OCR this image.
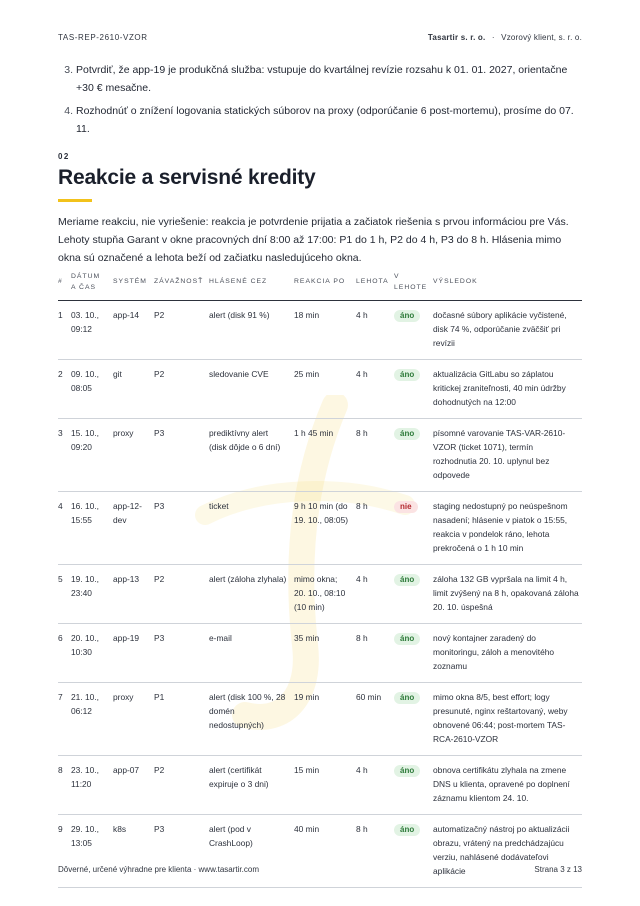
TAS-REP-2610-VZOR	Tasartir s. r. o. · Vzorový klient, s. r. o.
3. Potvrdiť, že app-19 je produkčná služba: vstupuje do kvartálnej revízie rozsahu k 01. 01. 2027, orientačne +30 € mesačne.
4. Rozhodnúť o znížení logovania statických súborov na proxy (odporúčanie 6 post-mortemu), prosíme do 07. 11.
02
Reakcie a servisné kredity

Meriame reakciu, nie vyriešenie: reakcia je potvrdenie prijatia a začiatok riešenia s prvou informáciou pre Vás. Lehoty stupňa Garant v okne pracovných dní 8:00 až 17:00: P1 do 1 h, P2 do 4 h, P3 do 8 h. Hlásenia mimo okna sú označené a lehota beží od začiatku nasledujúceho okna.

#	DÁTUM A ČAS	SYSTÉM	ZÁVAŽNOSŤ	HLÁSENÉ CEZ	REAKCIA PO	LEHOTA	V LEHOTE	VÝSLEDOK
1	03. 10., 09:12	app-14	P2	alert (disk 91 %)	18 min	4 h	áno	dočasné súbory aplikácie vyčistené, disk 74 %, odporúčanie zväčšiť pri revízii
2	09. 10., 08:05	git	P2	sledovanie CVE	25 min	4 h	áno	aktualizácia GitLabu so záplatou kritickej zraniteľnosti, 40 min údržby dohodnutých na 12:00
3	15. 10., 09:20	proxy	P3	prediktívny alert (disk dôjde o 6 dní)	1 h 45 min	8 h	áno	písomné varovanie TAS-VAR-2610-VZOR (ticket 1071), termín rozhodnutia 20. 10. uplynul bez odpovede
4	16. 10., 15:55	app-12-dev	P3	ticket	9 h 10 min (do 19. 10., 08:05)	8 h	nie	staging nedostupný po neúspešnom nasadení; hlásenie v piatok o 15:55, reakcia v pondelok ráno, lehota prekročená o 1 h 10 min
5	19. 10., 23:40	app-13	P2	alert (záloha zlyhala)	mimo okna; 20. 10., 08:10 (10 min)	4 h	áno	záloha 132 GB vypršala na limit 4 h, limit zvýšený na 8 h, opakovaná záloha 20. 10. úspešná
6	20. 10., 10:30	app-19	P3	e-mail	35 min	8 h	áno	nový kontajner zaradený do monitoringu, záloh a menovitého zoznamu
7	21. 10., 06:12	proxy	P1	alert (disk 100 %, 28 domén nedostupných)	19 min	60 min	áno	mimo okna 8/5, best effort; logy presunuté, nginx reštartovaný, weby obnovené 06:44; post-mortem TAS-RCA-2610-VZOR
8	23. 10., 11:20	app-07	P2	alert (certifikát expiruje o 3 dni)	15 min	4 h	áno	obnova certifikátu zlyhala na zmene DNS u klienta, opravené po doplnení záznamu klientom 24. 10.
9	29. 10., 13:05	k8s	P3	alert (pod v CrashLoop)	40 min	8 h	áno	automatizačný nástroj po aktualizácii obrazu, vrátený na predchádzajúcu verziu, nahlásené dodávateľovi aplikácie
Dôverné, určené výhradne pre klienta · www.tasartir.com	Strana 3 z 13
